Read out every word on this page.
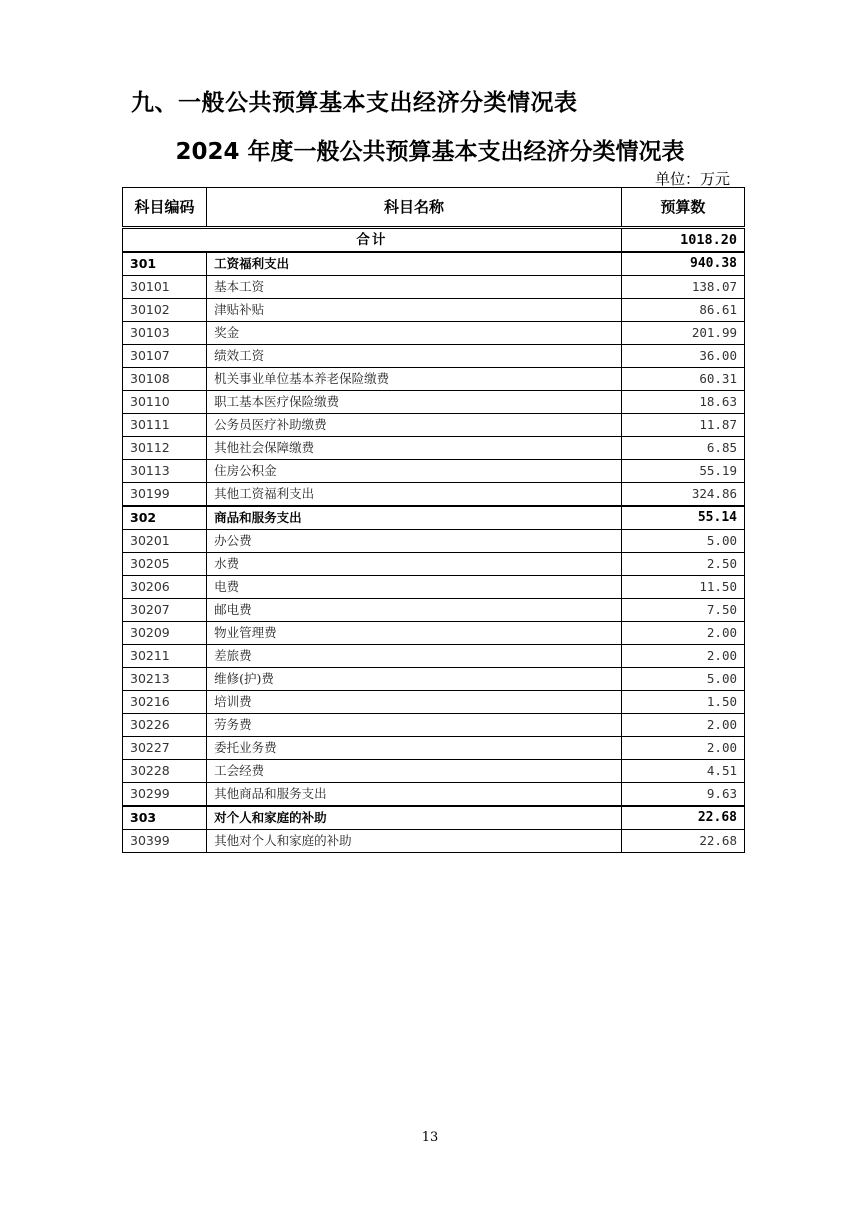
九、一般公共预算基本支出经济分类情况表
2024 年度一般公共预算基本支出经济分类情况表
单位：万元
科目编码	科目名称	预算数
合计		1018.20
301	工资福利支出	940.38
30101	基本工资	138.07
30102	津贴补贴	86.61
30103	奖金	201.99
30107	绩效工资	36.00
30108	机关事业单位基本养老保险缴费	60.31
30110	职工基本医疗保险缴费	18.63
30111	公务员医疗补助缴费	11.87
30112	其他社会保障缴费	6.85
30113	住房公积金	55.19
30199	其他工资福利支出	324.86
302	商品和服务支出	55.14
30201	办公费	5.00
30205	水费	2.50
30206	电费	11.50
30207	邮电费	7.50
30209	物业管理费	2.00
30211	差旅费	2.00
30213	维修(护)费	5.00
30216	培训费	1.50
30226	劳务费	2.00
30227	委托业务费	2.00
30228	工会经费	4.51
30299	其他商品和服务支出	9.63
303	对个人和家庭的补助	22.68
30399	其他对个人和家庭的补助	22.68
13
